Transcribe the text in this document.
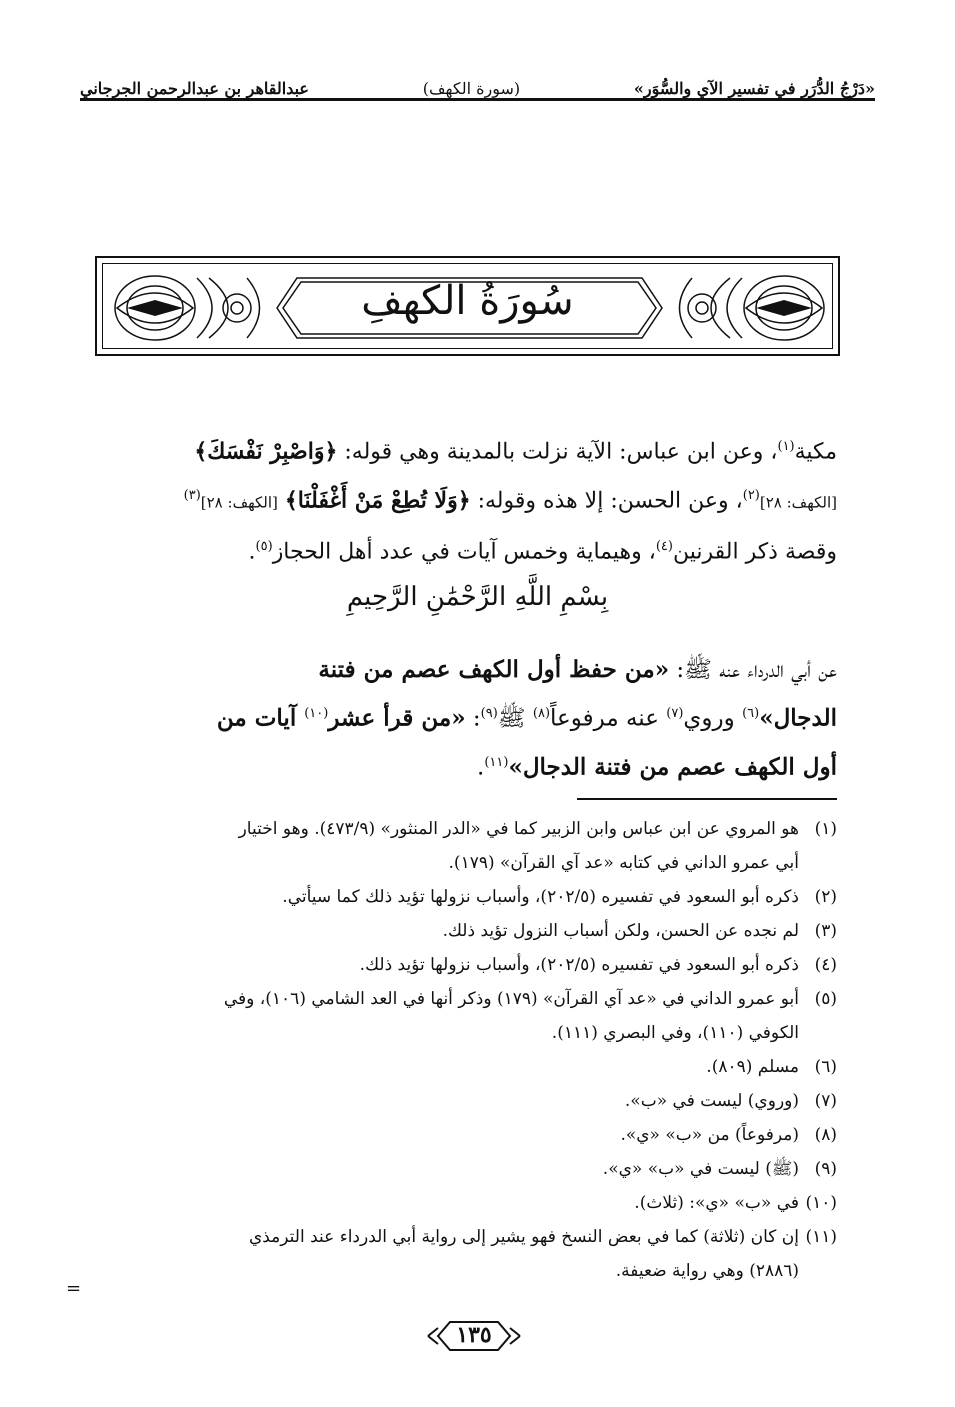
«دَرْجُ الدُّرَرِ في تفسير الآيِ والسُّوَرِ»
(سورة الكهف)
عبدالقاهر بن عبدالرحمن الجرجاني
سُورَةُ الكهفِ
مكية$^{(١)}$، وعن ابن عباس: الآية نزلت بالمدينة وهي قوله: ﴿وَاصْبِرْ نَفْسَكَ﴾
[الكهف: ٢٨]$^{(٢)}$، وعن الحسن: إلا هذه وقوله: ﴿وَلَا تُطِعْ مَنْ أَغْفَلْنَا﴾ [الكهف: ٢٨]$^{(٣)}$
وقصة ذكر القرنين$^{(٤)}$، وهيماية وخمس آيات في عدد أهل الحجاز$^{(٥)}$.
بِسْمِ اللَّهِ الرَّحْمَٰنِ الرَّحِيمِ
عن أبي الدرداء عنه ﷺ: «من حفظ أول الكهف عصم من فتنة
الدجال»$^{(٦)}$ وروي$^{(٧)}$ عنه مرفوعاً$^{(٨)}$ ﷺ$^{(٩)}$: «من قرأ عشر$^{(١٠)}$ آيات من
أول الكهف عصم من فتنة الدجال»$^{(١١)}$.
(١)هو المروي عن ابن عباس وابن الزبير كما في «الدر المنثور» (٤٧٣/٩). وهو اختيار
أبي عمرو الداني في كتابه «عد آي القرآن» (١٧٩).
(٢)ذكره أبو السعود في تفسيره (٢٠٢/٥)، وأسباب نزولها تؤيد ذلك كما سيأتي.
(٣)لم نجده عن الحسن، ولكن أسباب النزول تؤيد ذلك.
(٤)ذكره أبو السعود في تفسيره (٢٠٢/٥)، وأسباب نزولها تؤيد ذلك.
(٥)أبو عمرو الداني في «عد آي القرآن» (١٧٩) وذكر أنها في العد الشامي (١٠٦)، وفي
الكوفي (١١٠)، وفي البصري (١١١).
(٦)مسلم (٨٠٩).
(٧)(وروي) ليست في «ب».
(٨)(مرفوعاً) من «ب» «ي».
(٩)(ﷺ) ليست في «ب» «ي».
(١٠)في «ب» «ي»: (ثلاث).
(١١)إن كان (ثلاثة) كما في بعض النسخ فهو يشير إلى رواية أبي الدرداء عند الترمذي
(٢٨٨٦) وهي رواية ضعيفة.
=
١٣٥
